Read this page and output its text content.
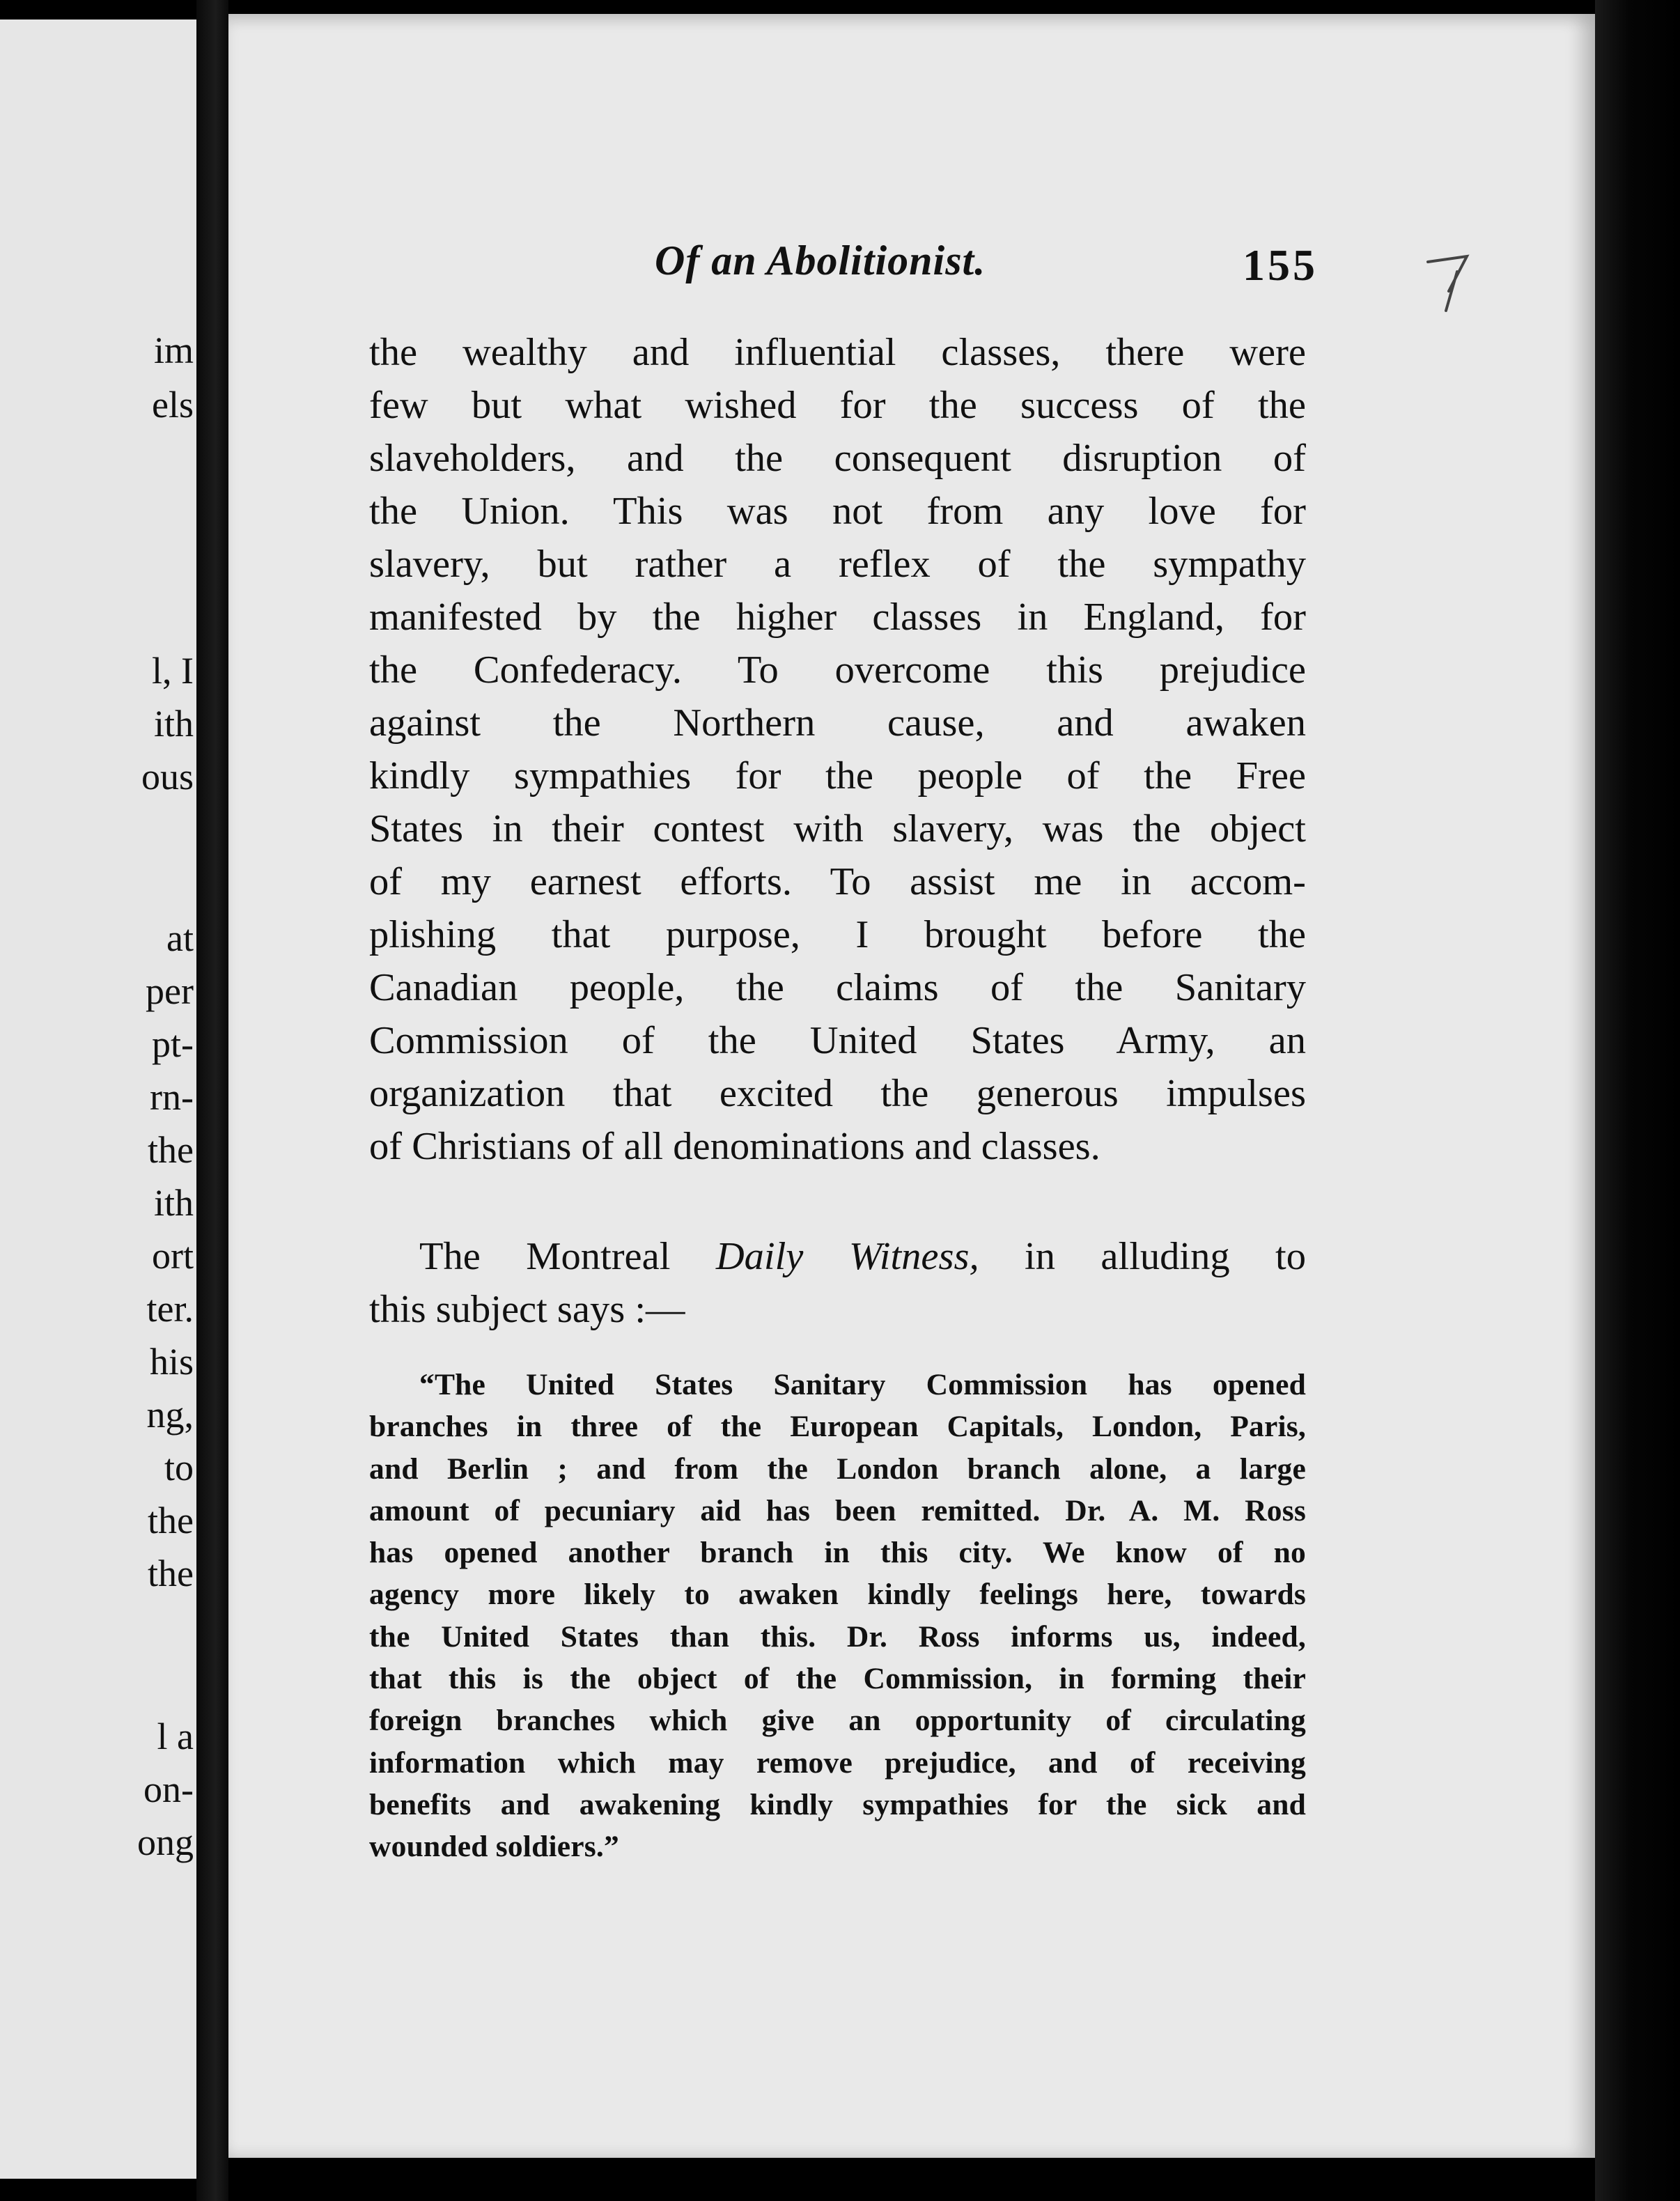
im
els
l, I
ith
ous
at
per
pt-
rn-
the
ith
ort
ter.
his
ng,
to
the
the
l a
on-
ong
Of an Abolitionist.	155
the wealthy and influential classes, there were
few but what wished for the success of the
slaveholders, and the consequent disruption of
the Union. This was not from any love for
slavery, but rather a reflex of the sympathy
manifested by the higher classes in England, for
the Confederacy. To overcome this prejudice
against the Northern cause, and awaken
kindly sympathies for the people of the Free
States in their contest with slavery, was the object
of my earnest efforts. To assist me in accom-
plishing that purpose, I brought before the
Canadian people, the claims of the Sanitary
Commission of the United States Army, an
organization that excited the generous impulses
of Christians of all denominations and classes.
The Montreal Daily Witness, in alluding to
this subject says :—
“The United States Sanitary Commission has opened
branches in three of the European Capitals, London, Paris,
and Berlin ; and from the London branch alone, a large
amount of pecuniary aid has been remitted. Dr. A. M. Ross
has opened another branch in this city. We know of no
agency more likely to awaken kindly feelings here, towards
the United States than this. Dr. Ross informs us, indeed,
that this is the object of the Commission, in forming their
foreign branches which give an opportunity of circulating
information which may remove prejudice, and of receiving
benefits and awakening kindly sympathies for the sick and
wounded soldiers.”
